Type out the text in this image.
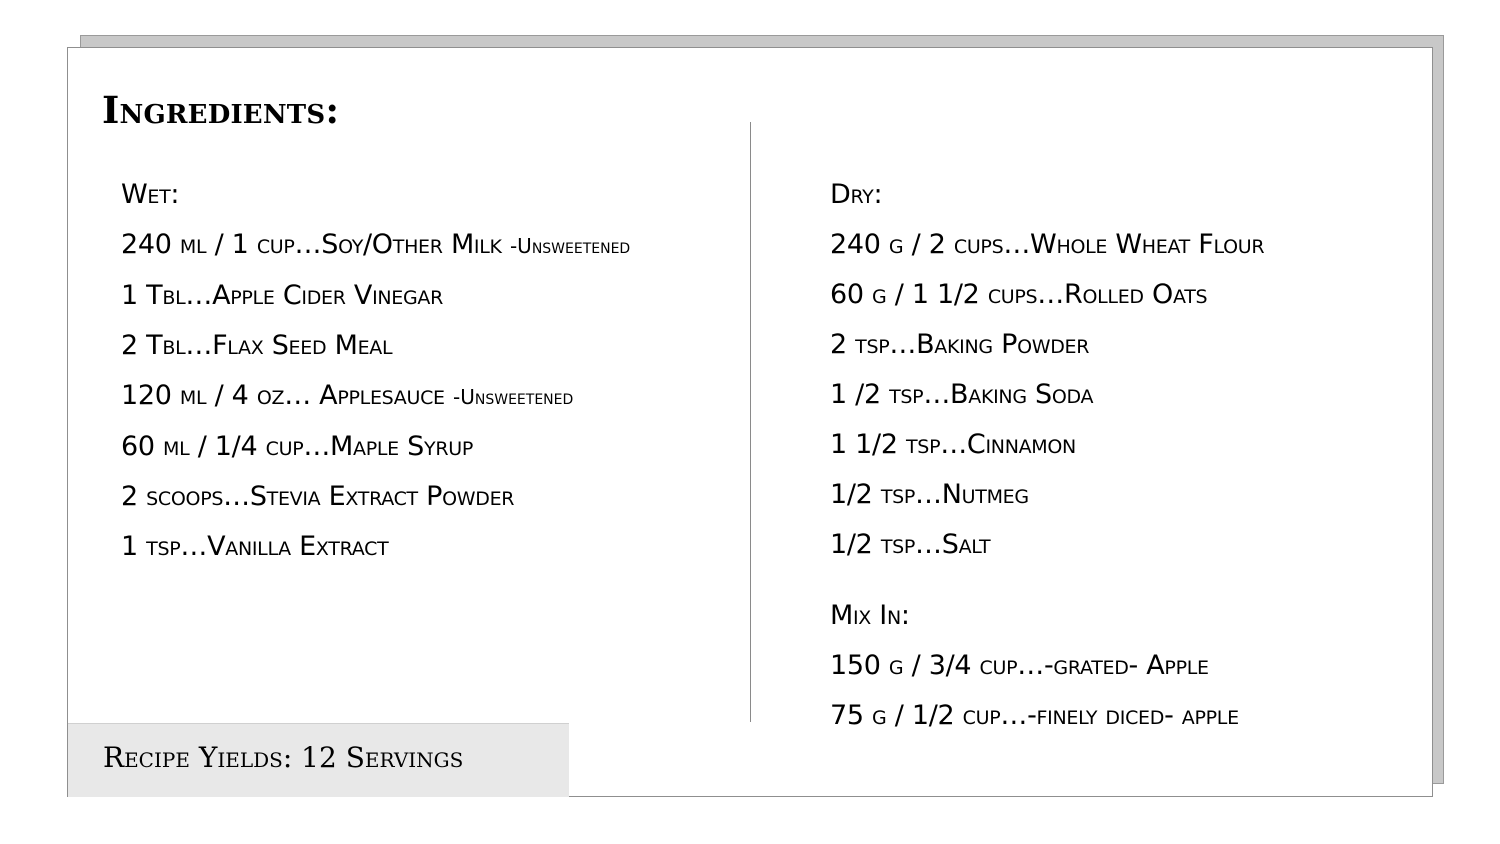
Ingredients:
Wet:
240 ml / 1 cup…Soy/Other Milk -Unsweetened
1 Tbl…Apple Cider Vinegar
2 Tbl…Flax Seed Meal
120 ml / 4 oz… Applesauce -Unsweetened
60 ml / 1/4 cup…Maple Syrup
2 scoops…Stevia Extract Powder
1 tsp…Vanilla Extract
Dry:
240 g / 2 cups…Whole Wheat Flour
60 g / 1 1/2 cups…Rolled Oats
2 tsp…Baking Powder
1 /2 tsp…Baking Soda
1 1/2 tsp…Cinnamon
1/2 tsp…Nutmeg
1/2 tsp…Salt
Mix In:
150 g / 3/4 cup…-grated- Apple
75 g / 1/2 cup…-finely diced- apple
Recipe Yields: 12 Servings
